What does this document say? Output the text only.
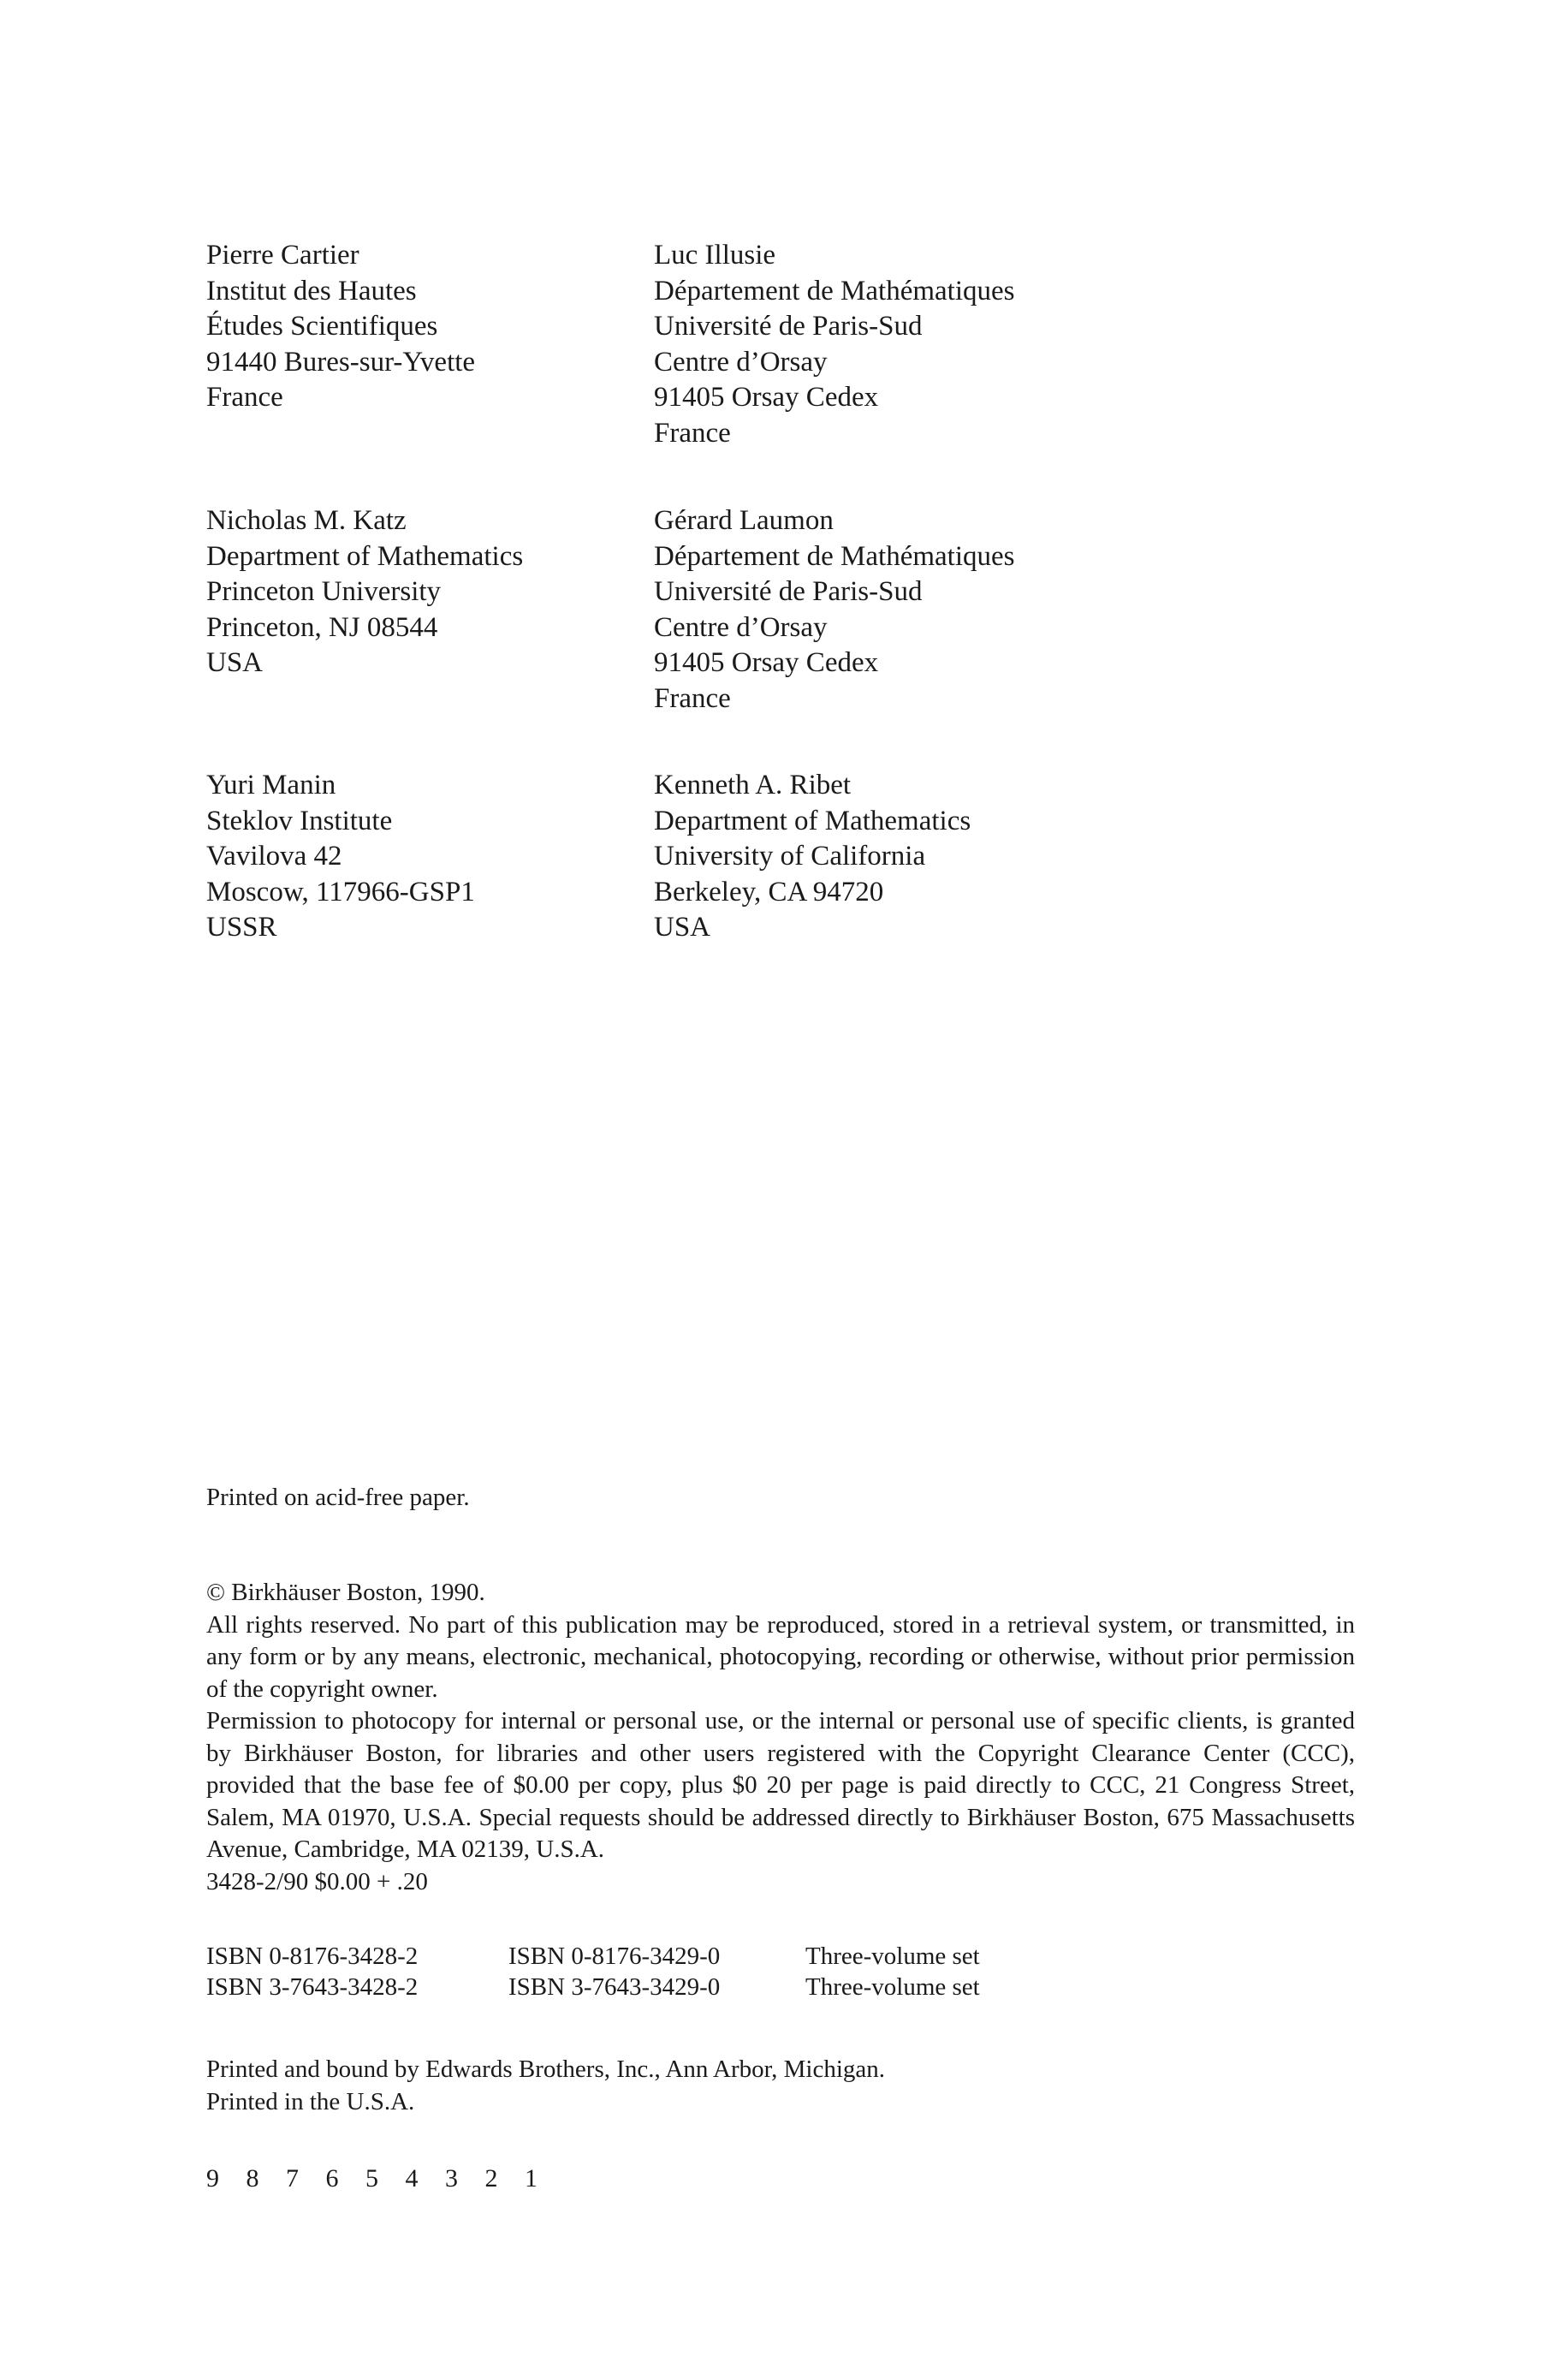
Pierre Cartier
Institut des Hautes
Études Scientifiques
91440 Bures-sur-Yvette
France
Luc Illusie
Département de Mathématiques
Université de Paris-Sud
Centre d’Orsay
91405 Orsay Cedex
France
Nicholas M. Katz
Department of Mathematics
Princeton University
Princeton, NJ 08544
USA
Gérard Laumon
Département de Mathématiques
Université de Paris-Sud
Centre d’Orsay
91405 Orsay Cedex
France
Yuri Manin
Steklov Institute
Vavilova 42
Moscow, 117966-GSP1
USSR
Kenneth A. Ribet
Department of Mathematics
University of California
Berkeley, CA 94720
USA
Printed on acid-free paper.

© Birkhäuser Boston, 1990.

All rights reserved. No part of this publication may be reproduced, stored in a retrieval system, or transmitted, in any form or by any means, electronic, mechanical, photocopying, recording or otherwise, without prior permission of the copyright owner.

Permission to photocopy for internal or personal use, or the internal or personal use of specific clients, is granted by Birkhäuser Boston, for libraries and other users registered with the Copyright Clearance Center (CCC), provided that the base fee of $0.00 per copy, plus $0 20 per page is paid directly to CCC, 21 Congress Street, Salem, MA 01970, U.S.A. Special requests should be addressed directly to Birkhäuser Boston, 675 Massachusetts Avenue, Cambridge, MA 02139, U.S.A.

3428-2/90 $0.00 + .20

ISBN 0-8176-3428-2	ISBN 0-8176-3429-0	Three-volume set
ISBN 3-7643-3428-2	ISBN 3-7643-3429-0	Three-volume set
Printed and bound by Edwards Brothers, Inc., Ann Arbor, Michigan.
Printed in the U.S.A.
9 8 7 6 5 4 3 2 1
